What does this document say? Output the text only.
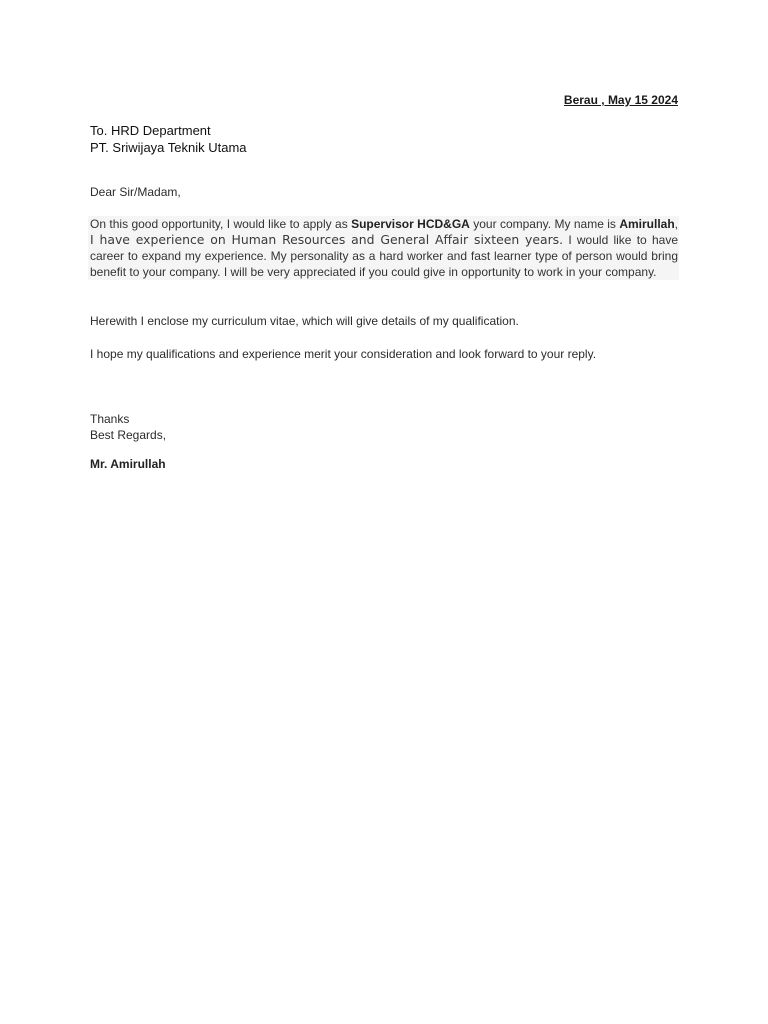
Berau , May 15 2024
To. HRD Department
PT. Sriwijaya Teknik Utama
Dear Sir/Madam,
On this good opportunity, I would like to apply as Supervisor HCD&GA your company. My name is Amirullah, I have experience on Human Resources and General Affair sixteen years. I would like to have career to expand my experience. My personality as a hard worker and fast learner type of person would bring benefit to your company. I will be very appreciated if you could give in opportunity to work in your company.
Herewith I enclose my curriculum vitae, which will give details of my qualification.
I hope my qualifications and experience merit your consideration and look forward to your reply.
Thanks
Best Regards,
Mr. Amirullah
